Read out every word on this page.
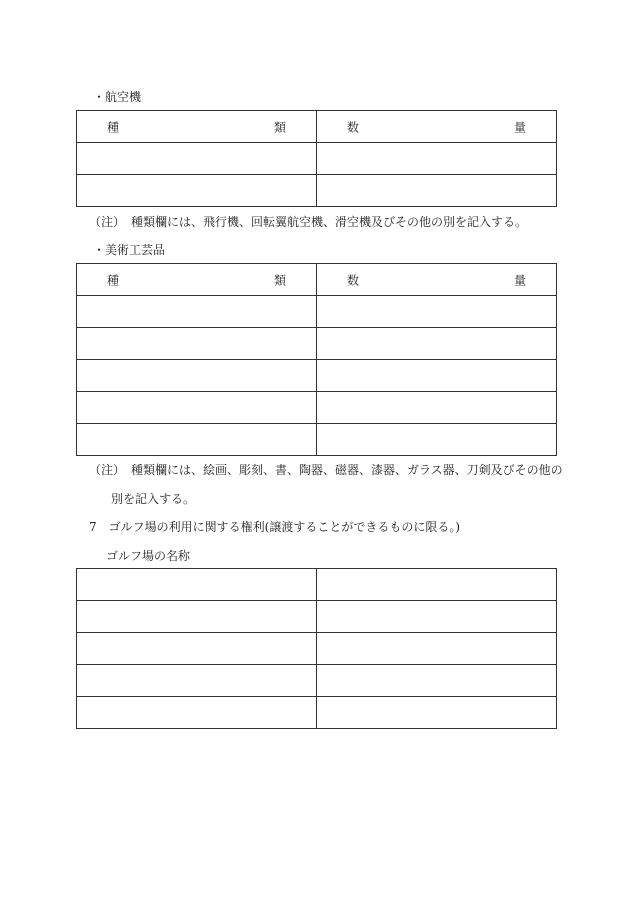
・航空機
種 類	数 量

（注）　種類欄には、飛行機、回転翼航空機、滑空機及びその他の別を記入する。
・美術工芸品
種 類	数 量

（注）　種類欄には、絵画、彫刻、書、陶器、磁器、漆器、ガラス器、刀剣及びその他の
別を記入する。
7　ゴルフ場の利用に関する権利(譲渡することができるものに限る。)
ゴルフ場の名称
